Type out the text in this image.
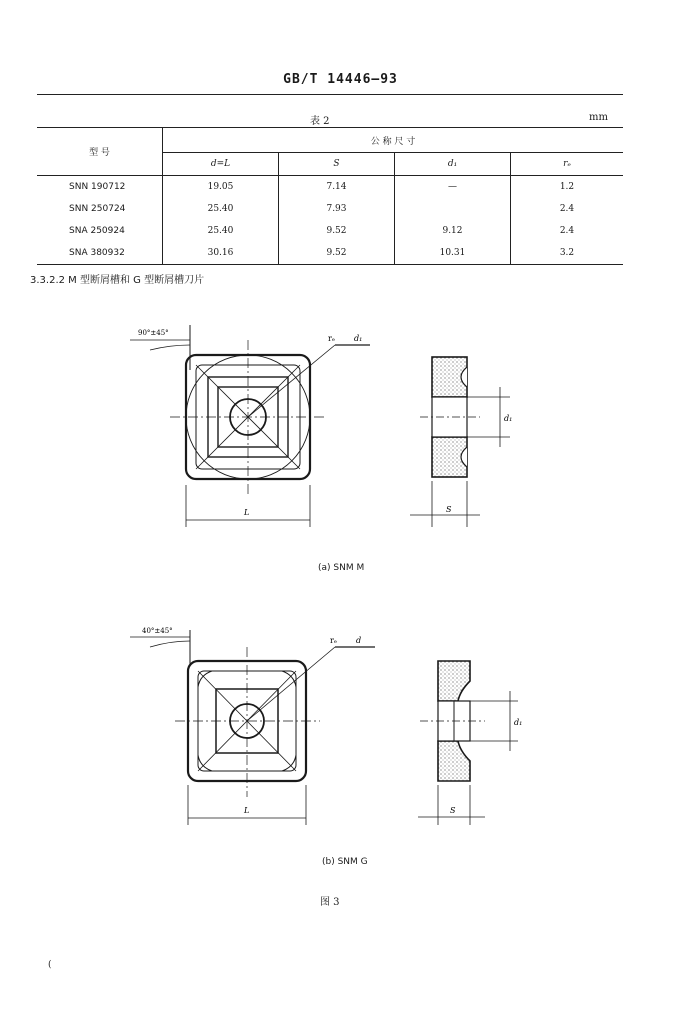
GB/T 14446—93
表 2	mm
型 号	公 称 尺 寸			
	d=L	S	d₁	rₑ
SNN 190712	19.05	7.14	—	1.2
SNN 250724	25.40	7.93		2.4
SNA 250924	25.40	9.52	9.12	2.4
SNA 380932	30.16	9.52	10.31	3.2
3.3.2.2 M 型断屑槽和 G 型断屑槽刀片
90°±45°
rₑ d₁
L	S
d₁
(a) SNM M
40°±45°
rₑ d
L	S
d₁
(b) SNM G
图 3
(
